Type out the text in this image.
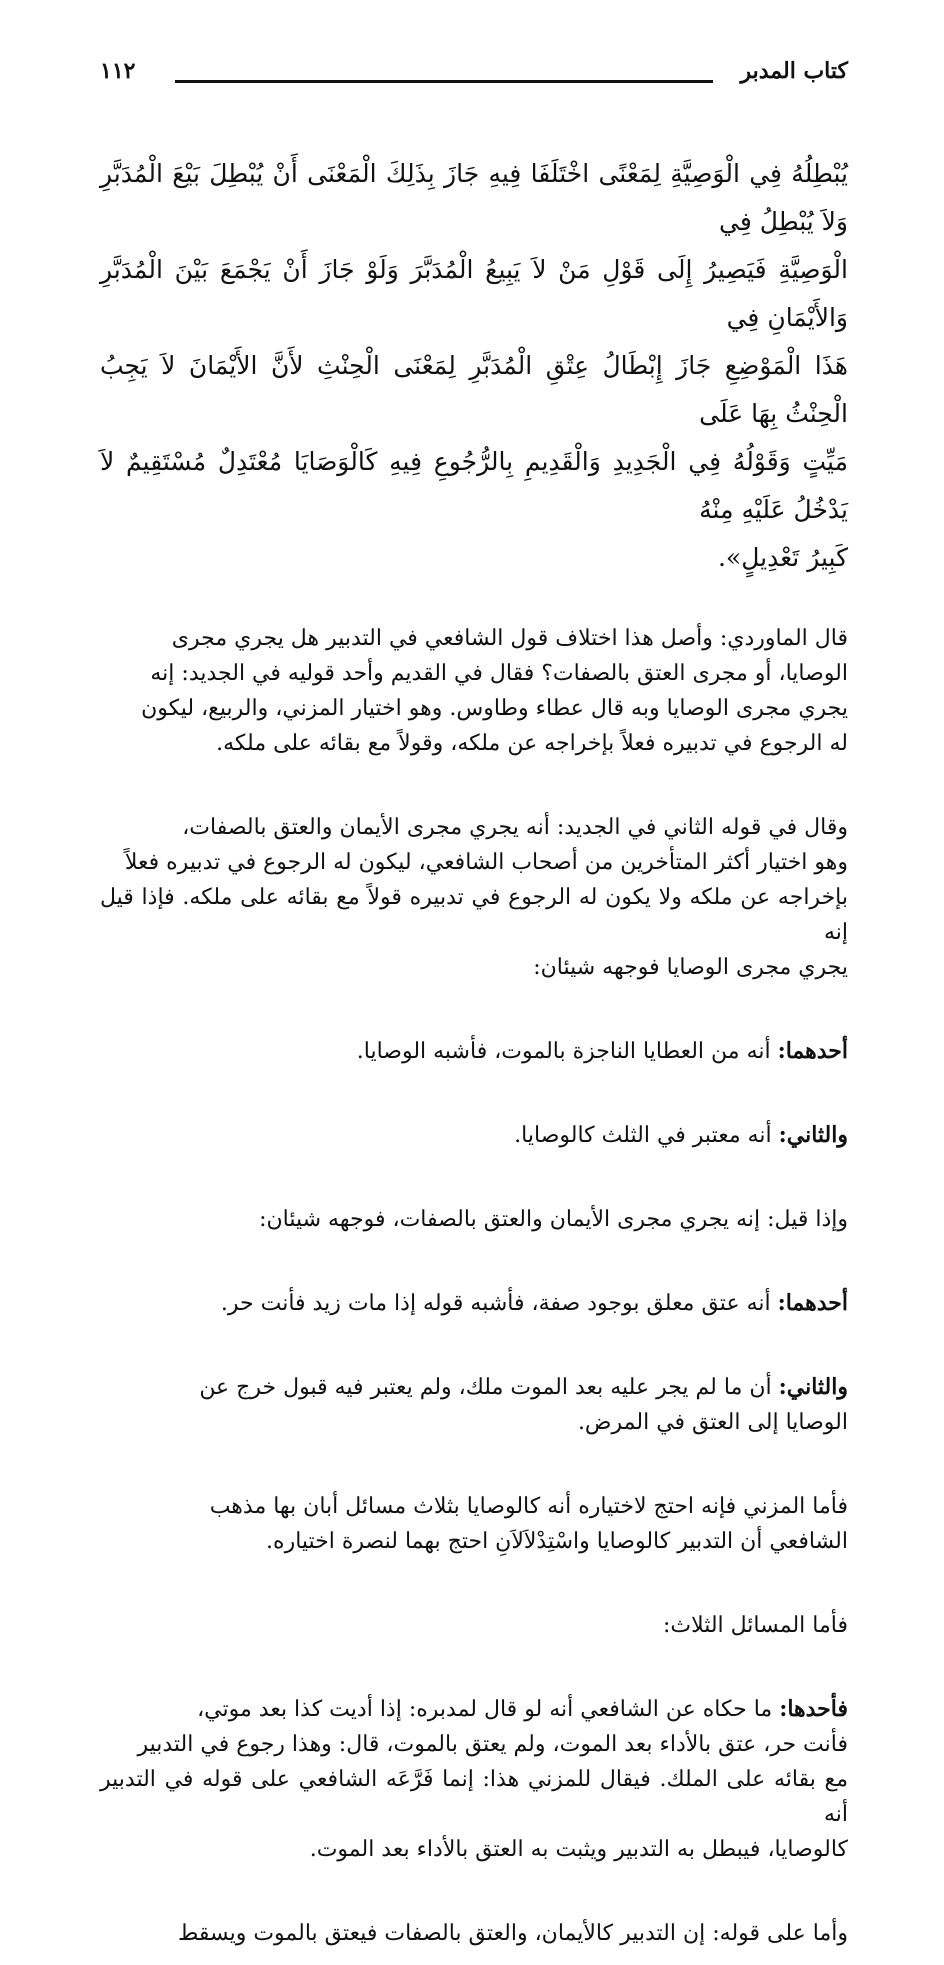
كتاب المدبر
١١٢

يُبْطِلُهُ فِي الْوَصِيَّةِ لِمَعْنًى اخْتَلَفَا فِيهِ جَازَ بِذَلِكَ الْمَعْنَى أَنْ يُبْطِلَ بَيْعَ الْمُدَبَّرِ وَلاَ يُبْطِلُ فِي
الْوَصِيَّةِ فَيَصِيرُ إِلَى قَوْلِ مَنْ لاَ يَبِيعُ الْمُدَبَّرَ وَلَوْ جَازَ أَنْ يَجْمَعَ بَيْنَ الْمُدَبَّرِ وَالأَيْمَانِ فِي
هَذَا الْمَوْضِعِ جَازَ إِبْطَالُ عِتْقِ الْمُدَبَّرِ لِمَعْنَى الْحِنْثِ لأَنَّ الأَيْمَانَ لاَ يَجِبُ الْحِنْثُ بِهَا عَلَى
مَيِّتٍ وَقَوْلُهُ فِي الْجَدِيدِ وَالْقَدِيمِ بِالرُّجُوعِ فِيهِ كَالْوَصَايَا مُعْتَدِلٌ مُسْتَقِيمٌ لاَ يَدْخُلُ عَلَيْهِ مِنْهُ
كَبِيرُ تَعْدِيلٍ».

قال الماوردي: وأصل هذا اختلاف قول الشافعي في التدبير هل يجري مجرى
الوصايا، أو مجرى العتق بالصفات؟ فقال في القديم وأحد قوليه في الجديد: إنه
يجري مجرى الوصايا وبه قال عطاء وطاوس. وهو اختيار المزني، والربيع، ليكون
له الرجوع في تدبيره فعلاً بإخراجه عن ملكه، وقولاً مع بقائه على ملكه.

وقال في قوله الثاني في الجديد: أنه يجري مجرى الأيمان والعتق بالصفات،
وهو اختيار أكثر المتأخرين من أصحاب الشافعي، ليكون له الرجوع في تدبيره فعلاً
بإخراجه عن ملكه ولا يكون له الرجوع في تدبيره قولاً مع بقائه على ملكه. فإذا قيل إنه
يجري مجرى الوصايا فوجهه شيئان:

أحدهما: أنه من العطايا الناجزة بالموت، فأشبه الوصايا.

والثاني: أنه معتبر في الثلث كالوصايا.

وإذا قيل: إنه يجري مجرى الأيمان والعتق بالصفات، فوجهه شيئان:

أحدهما: أنه عتق معلق بوجود صفة، فأشبه قوله إذا مات زيد فأنت حر.

والثاني: أن ما لم يجر عليه بعد الموت ملك، ولم يعتبر فيه قبول خرج عن
الوصايا إلى العتق في المرض.

فأما المزني فإنه احتج لاختياره أنه كالوصايا بثلاث مسائل أبان بها مذهب
الشافعي أن التدبير كالوصايا واسْتِدْلاَلاَنِ احتج بهما لنصرة اختياره.

فأما المسائل الثلاث:

فأحدها: ما حكاه عن الشافعي أنه لو قال لمدبره: إذا أديت كذا بعد موتي،
فأنت حر، عتق بالأداء بعد الموت، ولم يعتق بالموت، قال: وهذا رجوع في التدبير
مع بقائه على الملك. فيقال للمزني هذا: إنما فَرَّعَه الشافعي على قوله في التدبير أنه
كالوصايا، فيبطل به التدبير ويثبت به العتق بالأداء بعد الموت.

وأما على قوله: إن التدبير كالأيمان، والعتق بالصفات فيعتق بالموت ويسقط
